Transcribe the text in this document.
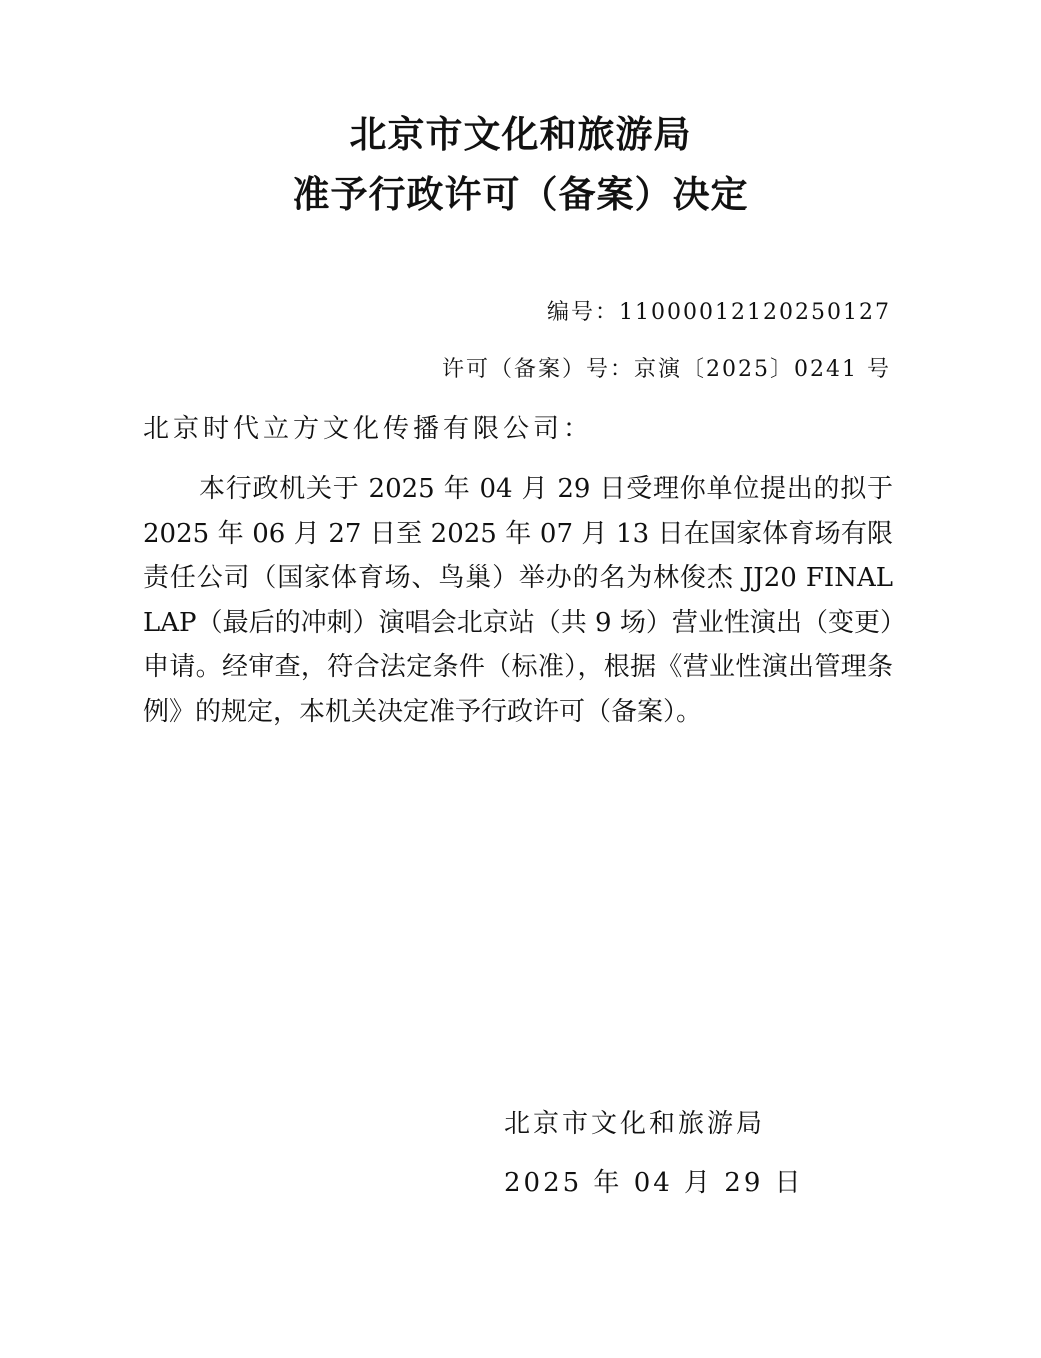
北京市文化和旅游局
准予行政许可（备案）决定
编号：11000012120250127
许可（备案）号：京演〔2025〕0241 号
北京时代立方文化传播有限公司：

本行政机关于 2025 年 04 月 29 日受理你单位提出的拟于 2025 年 06 月 27 日至 2025 年 07 月 13 日在国家体育场有限责任公司（国家体育场、鸟巢）举办的名为林俊杰 JJ20 FINAL LAP（最后的冲刺）演唱会北京站（共 9 场）营业性演出（变更）申请。经审查，符合法定条件（标准），根据《营业性演出管理条例》的规定，本机关决定准予行政许可（备案）。

北京市文化和旅游局
2025 年 04 月 29 日
